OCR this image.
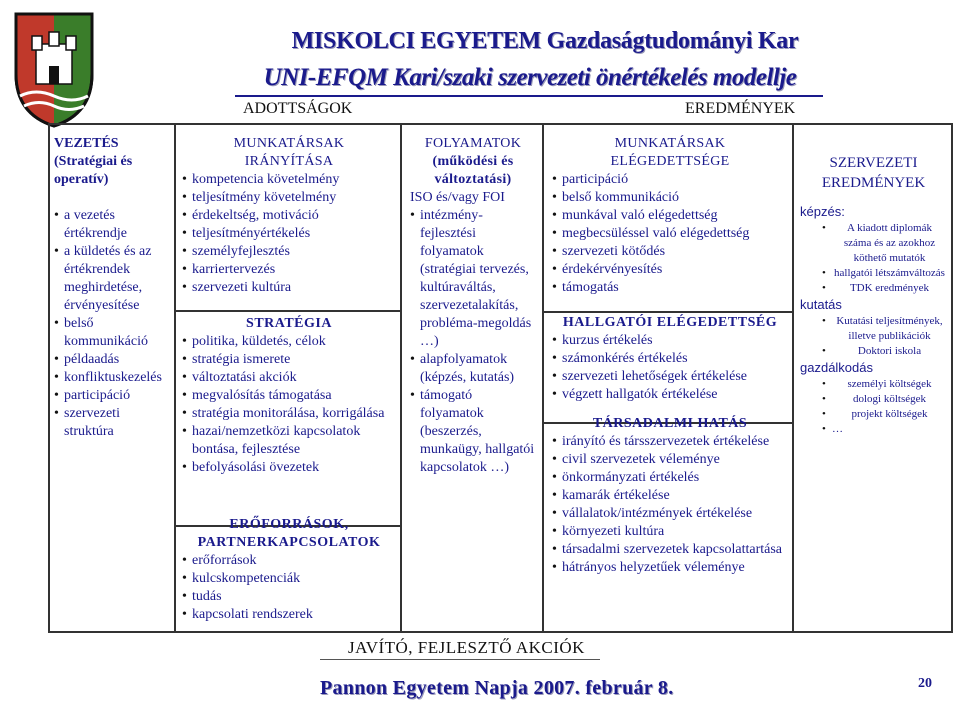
MISKOLCI EGYETEM Gazdaságtudományi Kar
UNI-EFQM Kari/szaki szervezeti önértékelés modellje
ADOTTSÁGOK	EREDMÉNYEK
VEZETÉS
(Stratégiai és
operatív)
• a vezetés értékrendje
• a küldetés és az értékrendek meghirdetése, érvényesítése
• belső kommunikáció
• példaadás
• konfliktuskezelés
• participáció
• szervezeti struktúra
MUNKATÁRSAK
IRÁNYÍTÁSA
• kompetencia követelmény
• teljesítmény követelmény
• érdekeltség, motiváció
• teljesítményértékelés
• személyfejlesztés
• karriertervezés
• szervezeti kultúra
STRATÉGIA
• politika, küldetés, célok
• stratégia ismerete
• változtatási akciók
• megvalósítás támogatása
• stratégia monitorálása, korrigálása
• hazai/nemzetközi kapcsolatok bontása, fejlesztése
• befolyásolási övezetek
ERŐFORRÁSOK,
PARTNERKAPCSOLATOK
• erőforrások
• kulcskompetenciák
• tudás
• kapcsolati rendszerek
FOLYAMATOK
(működési és
változtatási)
ISO és/vagy FOI
• intézmény-fejlesztési folyamatok (stratégiai tervezés, kultúraváltás, szervezetalakítás, probléma-megoldás …)
• alapfolyamatok (képzés, kutatás)
• támogató folyamatok (beszerzés, munkaügy, hallgatói kapcsolatok …)
MUNKATÁRSAK
ELÉGEDETTSÉGE
• participáció
• belső kommunikáció
• munkával való elégedettség
• megbecsüléssel való elégedettség
• szervezeti kötődés
• érdekérvényesítés
• támogatás
HALLGATÓI ELÉGEDETTSÉG
• kurzus értékelés
• számonkérés értékelés
• szervezeti lehetőségek értékelése
• végzett hallgatók értékelése
TÁRSADALMI HATÁS
• irányító és társszervezetek értékelése
• civil szervezetek véleménye
• önkormányzati értékelés
• kamarák értékelése
• vállalatok/intézmények értékelése
• környezeti kultúra
• társadalmi szervezetek kapcsolattartása
• hátrányos helyzetűek véleménye
SZERVEZETI
EREDMÉNYEK
képzés:
• A kiadott diplomák száma és az azokhoz köthető mutatók
• hallgatói létszámváltozás
• TDK eredmények
kutatás
• Kutatási teljesítmények, illetve publikációk
• Doktori iskola
gazdálkodás
• személyi költségek
• dologi költségek
• projekt költségek
• …
JAVÍTÓ, FEJLESZTŐ AKCIÓK
Pannon Egyetem Napja 2007. február 8.	20
